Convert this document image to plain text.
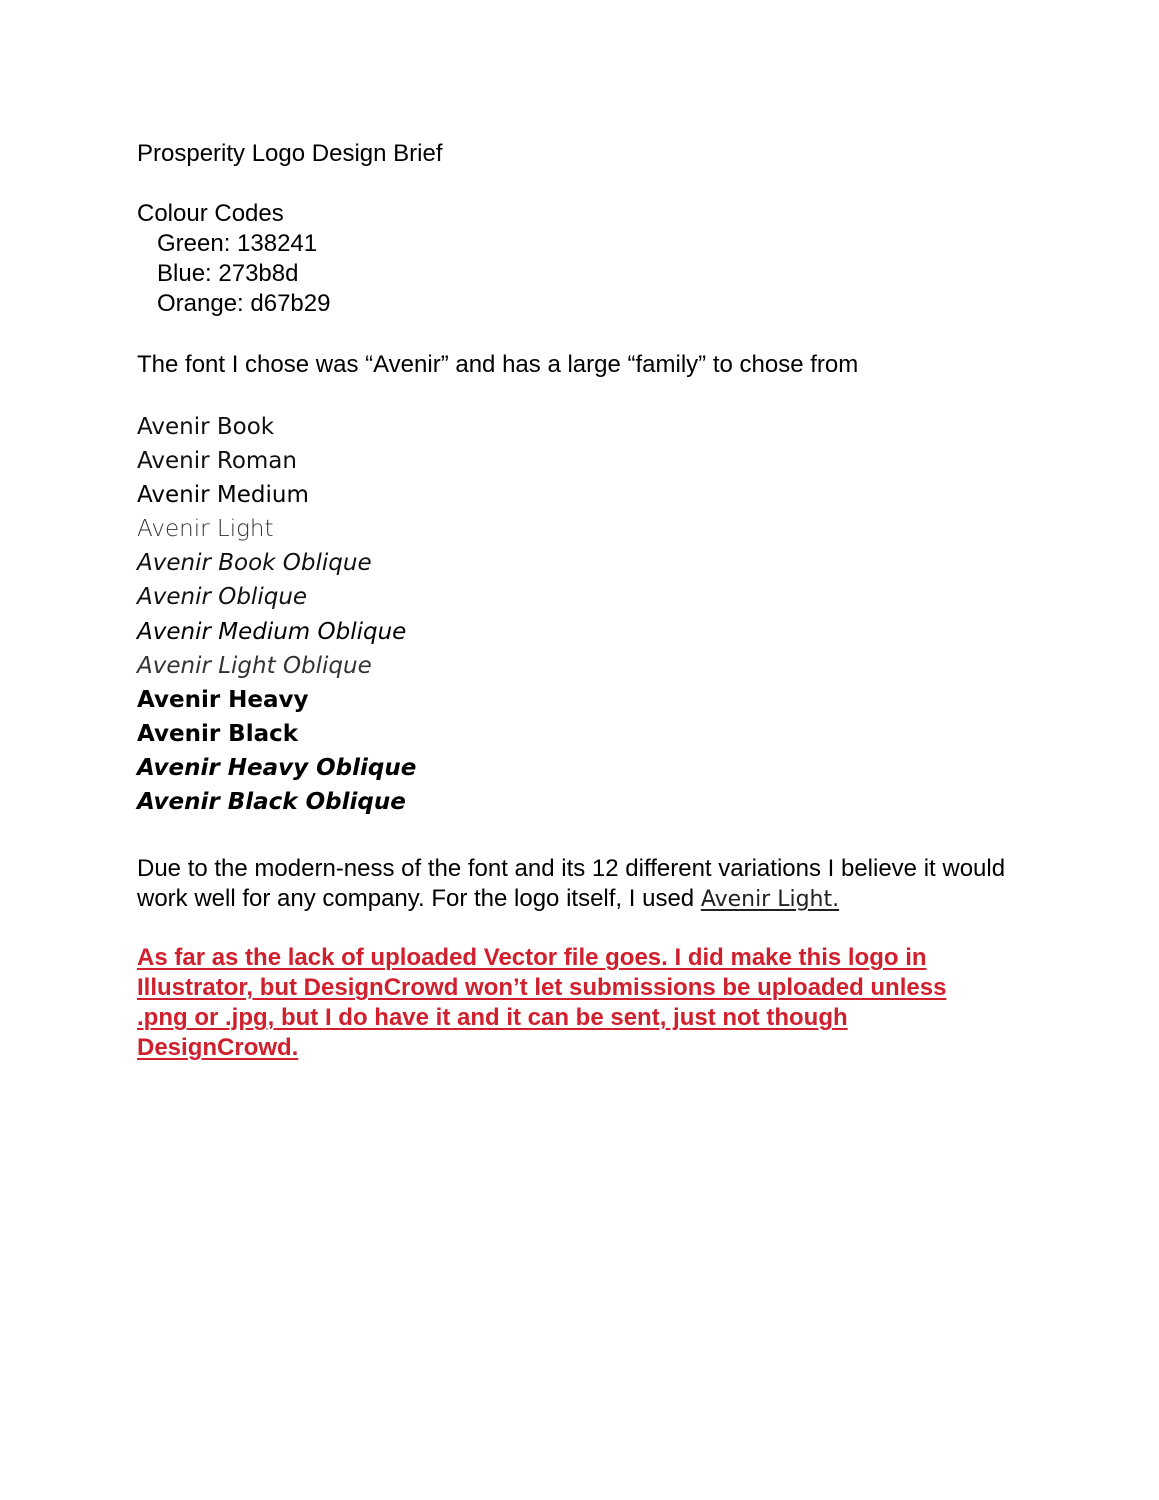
Prosperity Logo Design Brief
Colour Codes
Green: 138241
Blue: 273b8d
Orange: d67b29
The font I chose was “Avenir” and has a large “family” to chose from
Avenir Book
Avenir Roman
Avenir Medium
Avenir Light
Avenir Book Oblique
Avenir Oblique
Avenir Medium Oblique
Avenir Light Oblique
Avenir Heavy
Avenir Black
Avenir Heavy Oblique
Avenir Black Oblique
Due to the modern-ness of the font and its 12 different variations I believe it would work well for any company. For the logo itself, I used Avenir Light.
As far as the lack of uploaded Vector file goes. I did make this logo in Illustrator, but DesignCrowd won’t let submissions be uploaded unless .png or .jpg, but I do have it and it can be sent, just not though DesignCrowd.
